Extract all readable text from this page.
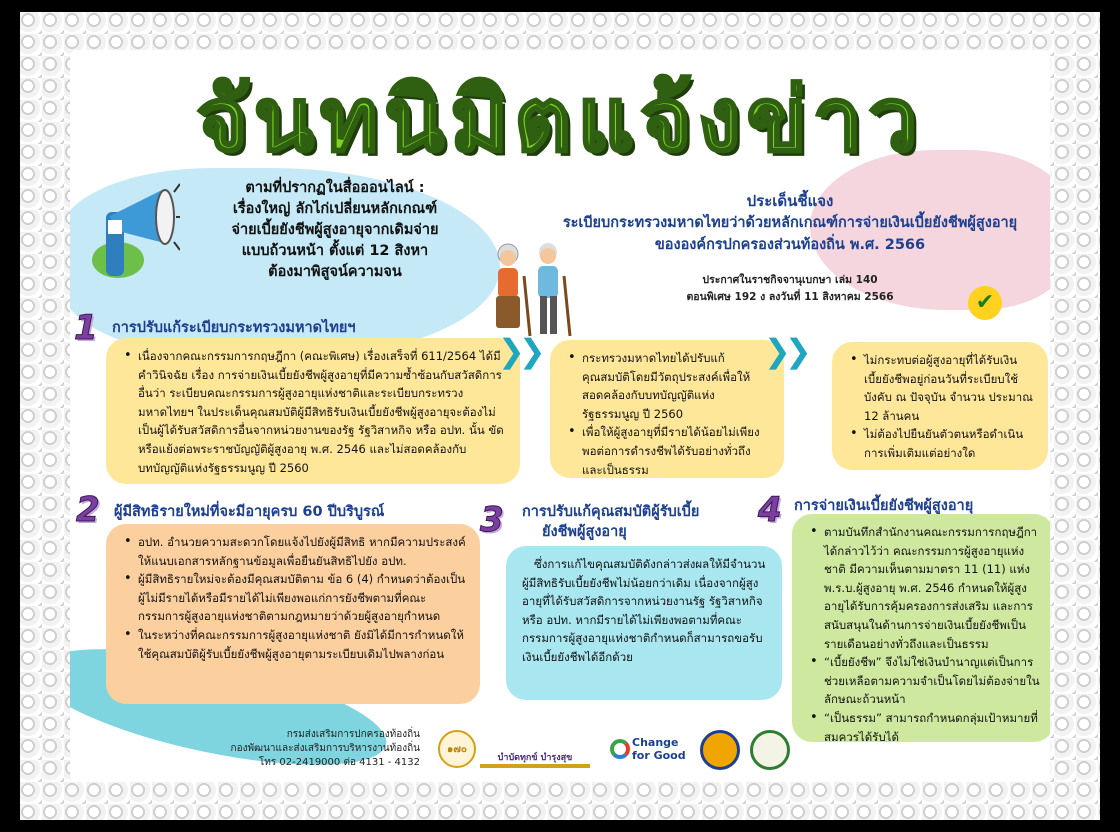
จันทนิมิตแจ้งข่าว
ตามที่ปรากฏในสื่อออนไลน์ :
เรื่องใหญ่ ลักไก่เปลี่ยนหลักเกณฑ์
จ่ายเบี้ยยังชีพผู้สูงอายุจากเดิมจ่าย
แบบถ้วนหน้า ตั้งแต่ 12 สิงหา
ต้องมาพิสูจน์ความจน
ประเด็นชี้แจง
ระเบียบกระทรวงมหาดไทยว่าด้วยหลักเกณฑ์การจ่ายเงินเบี้ยยังชีพผู้สูงอายุ
ขององค์กรปกครองส่วนท้องถิ่น พ.ศ. 2566
ประกาศในราชกิจจานุเบกษา เล่ม 140
ตอนพิเศษ 192 ง ลงวันที่ 11 สิงหาคม 2566	✔
1 การปรับแก้ระเบียบกระทรวงมหาดไทยฯ
• เนื่องจากคณะกรรมการกฤษฎีกา (คณะพิเศษ) เรื่องเสร็จที่ 611/2564 ได้มีคำวินิจฉัย เรื่อง การจ่ายเงินเบี้ยยังชีพผู้สูงอายุที่มีความซ้ำซ้อนกับสวัสดิการอื่นว่า ระเบียบคณะกรรมการผู้สูงอายุแห่งชาติและระเบียบกระทรวงมหาดไทยฯ ในประเด็นคุณสมบัติผู้มีสิทธิรับเงินเบี้ยยังชีพผู้สูงอายุจะต้องไม่เป็นผู้ได้รับสวัสดิการอื่นจากหน่วยงานของรัฐ รัฐวิสาหกิจ หรือ อปท. นั้น ขัดหรือแย้งต่อพระราชบัญญัติผู้สูงอายุ พ.ศ. 2546 และไม่สอดคล้องกับบทบัญญัติแห่งรัฐธรรมนูญ ปี 2560
❯❯	• กระทรวงมหาดไทยได้ปรับแก้คุณสมบัติโดยมีวัตถุประสงค์เพื่อให้สอดคล้องกับบทบัญญัติแห่งรัฐธรรมนูญ ปี 2560
• เพื่อให้ผู้สูงอายุที่มีรายได้น้อยไม่เพียงพอต่อการดำรงชีพได้รับอย่างทั่วถึงและเป็นธรรม
❯❯	• ไม่กระทบต่อผู้สูงอายุที่ได้รับเงินเบี้ยยังชีพอยู่ก่อนวันที่ระเบียบใช้บังคับ ณ ปัจจุบัน จำนวน ประมาณ 12 ล้านคน
• ไม่ต้องไปยืนยันตัวตนหรือดำเนินการเพิ่มเติมแต่อย่างใด
2 ผู้มีสิทธิรายใหม่ที่จะมีอายุครบ 60 ปีบริบูรณ์
• อปท. อำนวยความสะดวกโดยแจ้งไปยังผู้มีสิทธิ หากมีความประสงค์ให้แนบเอกสารหลักฐานข้อมูลเพื่อยืนยันสิทธิไปยัง อปท.
• ผู้มีสิทธิรายใหม่จะต้องมีคุณสมบัติตาม ข้อ 6 (4) กำหนดว่าต้องเป็นผู้ไม่มีรายได้หรือมีรายได้ไม่เพียงพอแก่การยังชีพตามที่คณะกรรมการผู้สูงอายุแห่งชาติตามกฎหมายว่าด้วยผู้สูงอายุกำหนด
• ในระหว่างที่คณะกรรมการผู้สูงอายุแห่งชาติ ยังมิได้มีการกำหนดให้ใช้คุณสมบัติผู้รับเบี้ยยังชีพผู้สูงอายุตามระเบียบเดิมไปพลางก่อน
3 การปรับแก้คุณสมบัติผู้รับเบี้ย
ยังชีพผู้สูงอายุ
ซึ่งการแก้ไขคุณสมบัติดังกล่าวส่งผลให้มีจำนวนผู้มีสิทธิรับเบี้ยยังชีพไม่น้อยกว่าเดิม เนื่องจากผู้สูงอายุที่ได้รับสวัสดิการจากหน่วยงานรัฐ รัฐวิสาหกิจ หรือ อปท. หากมีรายได้ไม่เพียงพอตามที่คณะกรรมการผู้สูงอายุแห่งชาติกำหนดก็สามารถขอรับเงินเบี้ยยังชีพได้อีกด้วย
4 การจ่ายเงินเบี้ยยังชีพผู้สูงอายุ
• ตามบันทึกสำนักงานคณะกรรมการกฤษฎีกา ได้กล่าวไว้ว่า คณะกรรมการผู้สูงอายุแห่งชาติ มีความเห็นตามมาตรา 11 (11) แห่ง พ.ร.บ.ผู้สูงอายุ พ.ศ. 2546 กำหนดให้ผู้สูงอายุได้รับการคุ้มครองการส่งเสริม และการสนับสนุนในด้านการจ่ายเงินเบี้ยยังชีพเป็นรายเดือนอย่างทั่วถึงและเป็นธรรม
• “เบี้ยยังชีพ” จึงไม่ใช่เงินบำนาญแต่เป็นการช่วยเหลือตามความจำเป็นโดยไม่ต้องจ่ายในลักษณะถ้วนหน้า
• “เป็นธรรม” สามารถกำหนดกลุ่มเป้าหมายที่สมควรได้รับได้
กรมส่งเสริมการปกครองท้องถิ่น
กองพัฒนาและส่งเสริมการบริหารงานท้องถิ่น
โทร 02-2419000 ต่อ 4131 - 4132
๑๗๐
บำบัดทุกข์ บำรุงสุข
Change
for Good
